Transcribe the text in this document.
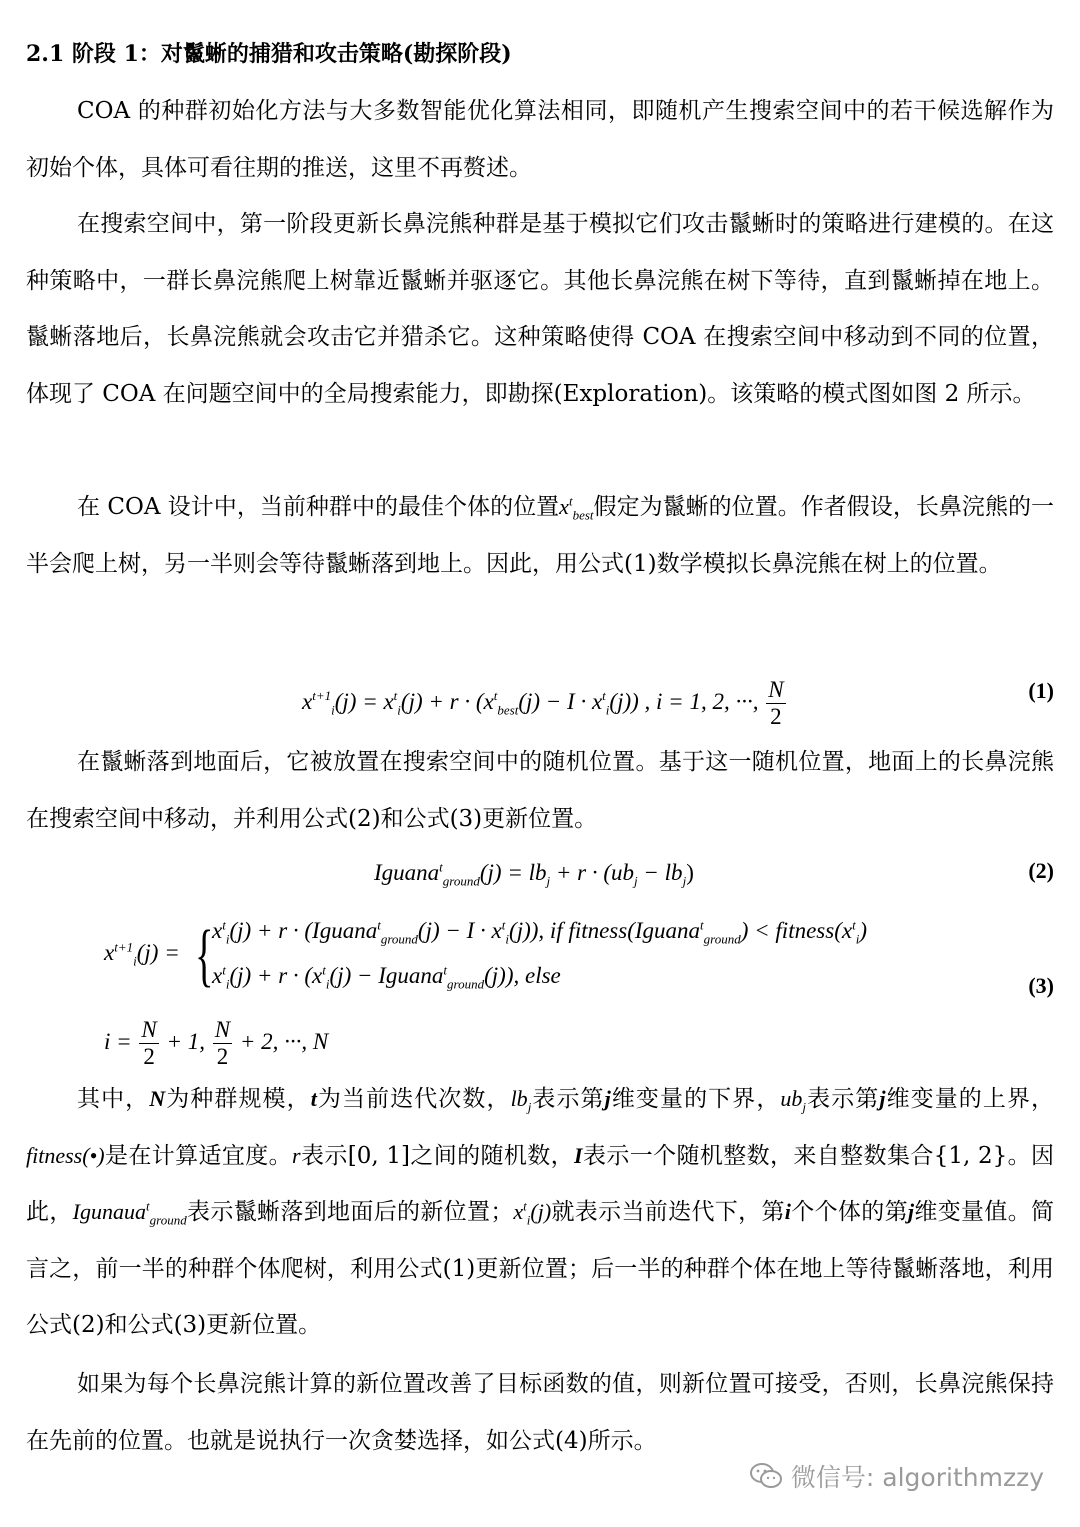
2.1 阶段 1：对鬣蜥的捕猎和攻击策略(勘探阶段)

COA 的种群初始化方法与大多数智能优化算法相同，即随机产生搜索空间中的若干候选解作为初始个体，具体可看往期的推送，这里不再赘述。

在搜索空间中，第一阶段更新长鼻浣熊种群是基于模拟它们攻击鬣蜥时的策略进行建模的。在这种策略中，一群长鼻浣熊爬上树靠近鬣蜥并驱逐它。其他长鼻浣熊在树下等待，直到鬣蜥掉在地上。鬣蜥落地后，长鼻浣熊就会攻击它并猎杀它。这种策略使得 COA 在搜索空间中移动到不同的位置，体现了 COA 在问题空间中的全局搜索能力，即勘探(Exploration)。该策略的模式图如图 2 所示。

在 COA 设计中，当前种群中的最佳个体的位置$x^t_{best}$假定为鬣蜥的位置。作者假设，长鼻浣熊的一半会爬上树，另一半则会等待鬣蜥落到地上。因此，用公式(1)数学模拟长鼻浣熊在树上的位置。

$x^{t+1}_i(j) = x^t_i(j) + r \cdot (x^t_{best}(j) - I \cdot x^t_i(j))$ , i = 1, 2, ···, $\frac{N}{2}$	(1)

在鬣蜥落到地面后，它被放置在搜索空间中的随机位置。基于这一随机位置，地面上的长鼻浣熊在搜索空间中移动，并利用公式(2)和公式(3)更新位置。

Iguana$^t_{ground}$(j) = $lb_j + r \cdot (ub_j - lb_j)$	(2)
$x^{t+1}_i(j)$ = {
$x^t_i(j) + r$ · (Iguana$^t_{ground}$(j) − $I \cdot x^t_i(j)$), if fitness(Iguana$^t_{ground}$) < $fitness(x^t_i)$
$x^t_i(j) + r \cdot (x^t_i(j)$ − Iguana$^t_{ground}$(j)), else	(3)
$i = \frac{N}{2} + 1$, $\frac{N}{2} + 2$, ···, N

其中，N为种群规模，t为当前迭代次数，$lb_j$表示第j维变量的下界，$ub_j$表示第j维变量的上界，fitness(•)是在计算适宜度。r表示[0, 1]之间的随机数，I表示一个随机整数，来自整数集合{1, 2}。因此，Igunaua$^t_{ground}$表示鬣蜥落到地面后的新位置；$x^t_i(j)$就表示当前迭代下，第i个个体的第j维变量值。简言之，前一半的种群个体爬树，利用公式(1)更新位置；后一半的种群个体在地上等待鬣蜥落地，利用公式(2)和公式(3)更新位置。

如果为每个长鼻浣熊计算的新位置改善了目标函数的值，则新位置可接受，否则，长鼻浣熊保持在先前的位置。也就是说执行一次贪婪选择，如公式(4)所示。

微信号: algorithmzzy
